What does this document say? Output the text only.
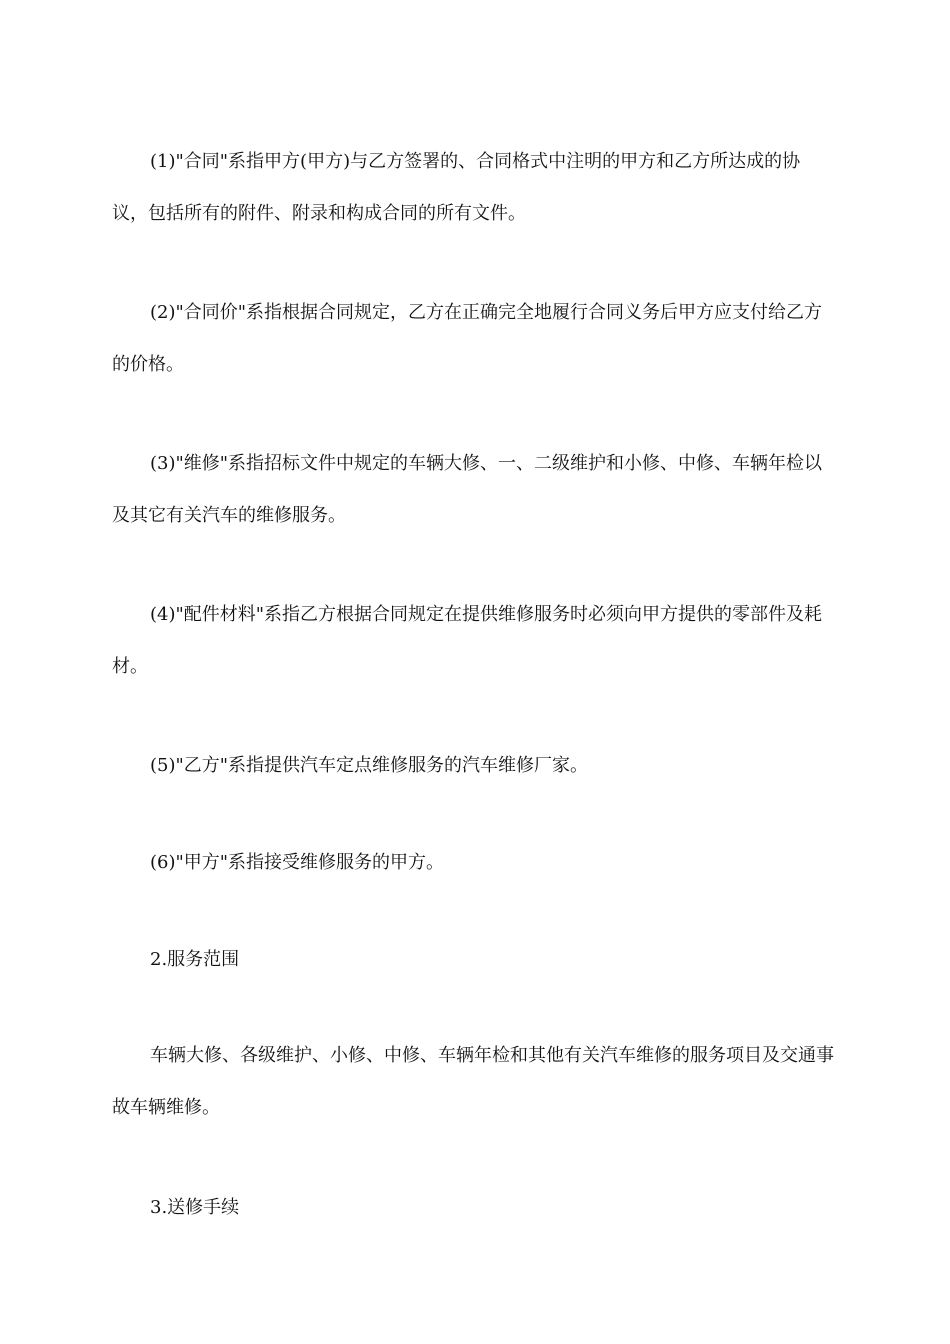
(1)"合同"系指甲方(甲方)与乙方签署的、合同格式中注明的甲方和乙方所达成的协议，包括所有的附件、附录和构成合同的所有文件。

(2)"合同价"系指根据合同规定，乙方在正确完全地履行合同义务后甲方应支付给乙方的价格。

(3)"维修"系指招标文件中规定的车辆大修、一、二级维护和小修、中修、车辆年检以及其它有关汽车的维修服务。

(4)"配件材料"系指乙方根据合同规定在提供维修服务时必须向甲方提供的零部件及耗材。

(5)"乙方"系指提供汽车定点维修服务的汽车维修厂家。

(6)"甲方"系指接受维修服务的甲方。

2.服务范围

车辆大修、各级维护、小修、中修、车辆年检和其他有关汽车维修的服务项目及交通事故车辆维修。

3.送修手续
